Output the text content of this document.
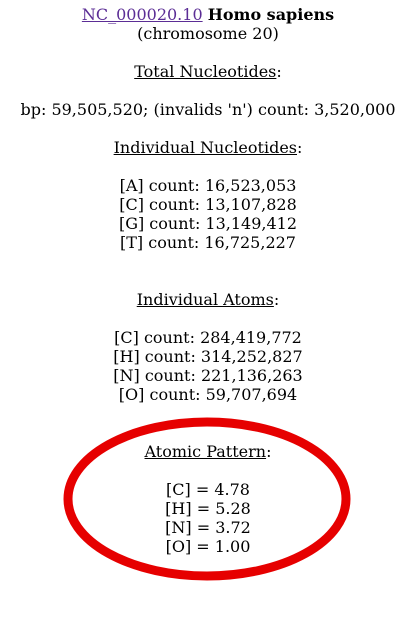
NC_000020.10 Homo sapiens
(chromosome 20)
Total Nucleotides:
bp: 59,505,520; (invalids 'n') count: 3,520,000
Individual Nucleotides:
[A] count: 16,523,053
[C] count: 13,107,828
[G] count: 13,149,412
[T] count: 16,725,227
Individual Atoms:
[C] count: 284,419,772
[H] count: 314,252,827
[N] count: 221,136,263
[O] count: 59,707,694
Atomic Pattern:
[C] = 4.78
[H] = 5.28
[N] = 3.72
[O] = 1.00
